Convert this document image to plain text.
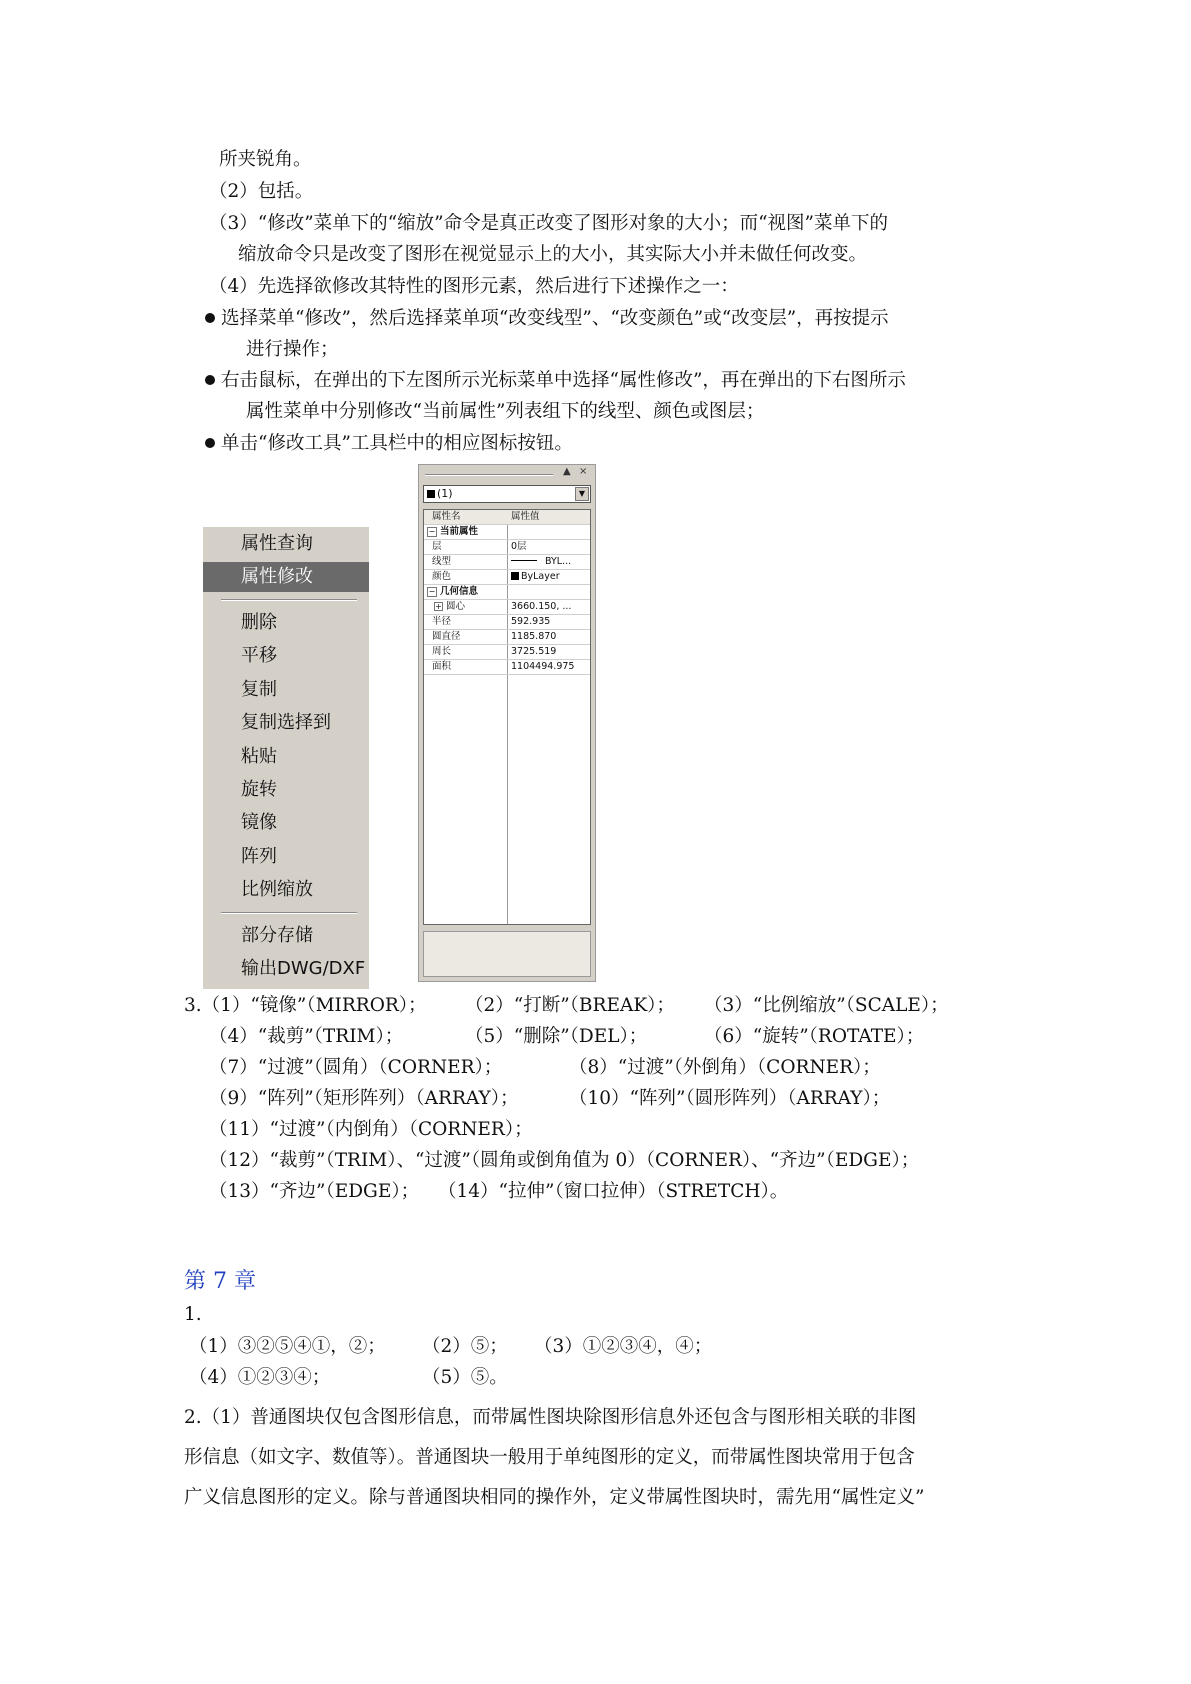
所夹锐角。
（2）包括。
（3）“修改”菜单下的“缩放”命令是真正改变了图形对象的大小；而“视图”菜单下的
缩放命令只是改变了图形在视觉显示上的大小，其实际大小并未做任何改变。
（4）先选择欲修改其特性的图形元素，然后进行下述操作之一：
选择菜单“修改”，然后选择菜单项“改变线型”、“改变颜色”或“改变层”，再按提示
进行操作；
右击鼠标，在弹出的下左图所示光标菜单中选择“属性修改”，再在弹出的下右图所示
属性菜单中分别修改“当前属性”列表组下的线型、颜色或图层；
单击“修改工具”工具栏中的相应图标按钮。
属性查询
属性修改
删除
平移
复制
复制选择到
粘贴
旋转
镜像
阵列
比例缩放
部分存储
输出DWG/DXF
▲ ×
(1)	▼
属性名	属性值
− 当前属性
层	0层
线型	BYL...
颜色	ByLayer
− 几何信息
+ 圆心	3660.150, ...
半径	592.935
圆直径	1185.870
周长	3725.519
面积	1104494.975
3.（1）“镜像”（MIRROR）； （2）“打断”（BREAK）； （3）“比例缩放”（SCALE）；
（4）“裁剪”（TRIM）；	（5）“删除”（DEL）；	（6）“旋转”（ROTATE）；
（7）“过渡”（圆角）（CORNER）；	（8）“过渡”（外倒角）（CORNER）；
（9）“阵列”（矩形阵列）（ARRAY）；	（10）“阵列”（圆形阵列）（ARRAY）；
（11）“过渡”（内倒角）（CORNER）；
（12）“裁剪”（TRIM）、“过渡”（圆角或倒角值为 0）（CORNER）、“齐边”（EDGE）；
（13）“齐边”（EDGE）； （14）“拉伸”（窗口拉伸）（STRETCH）。
第 7 章
1.
（1）③②⑤④①，②； （2）⑤； （3）①②③④，④；
（4）①②③④；	（5）⑤。
2.（1）普通图块仅包含图形信息，而带属性图块除图形信息外还包含与图形相关联的非图
形信息（如文字、数值等）。普通图块一般用于单纯图形的定义，而带属性图块常用于包含
广义信息图形的定义。除与普通图块相同的操作外，定义带属性图块时，需先用“属性定义”
